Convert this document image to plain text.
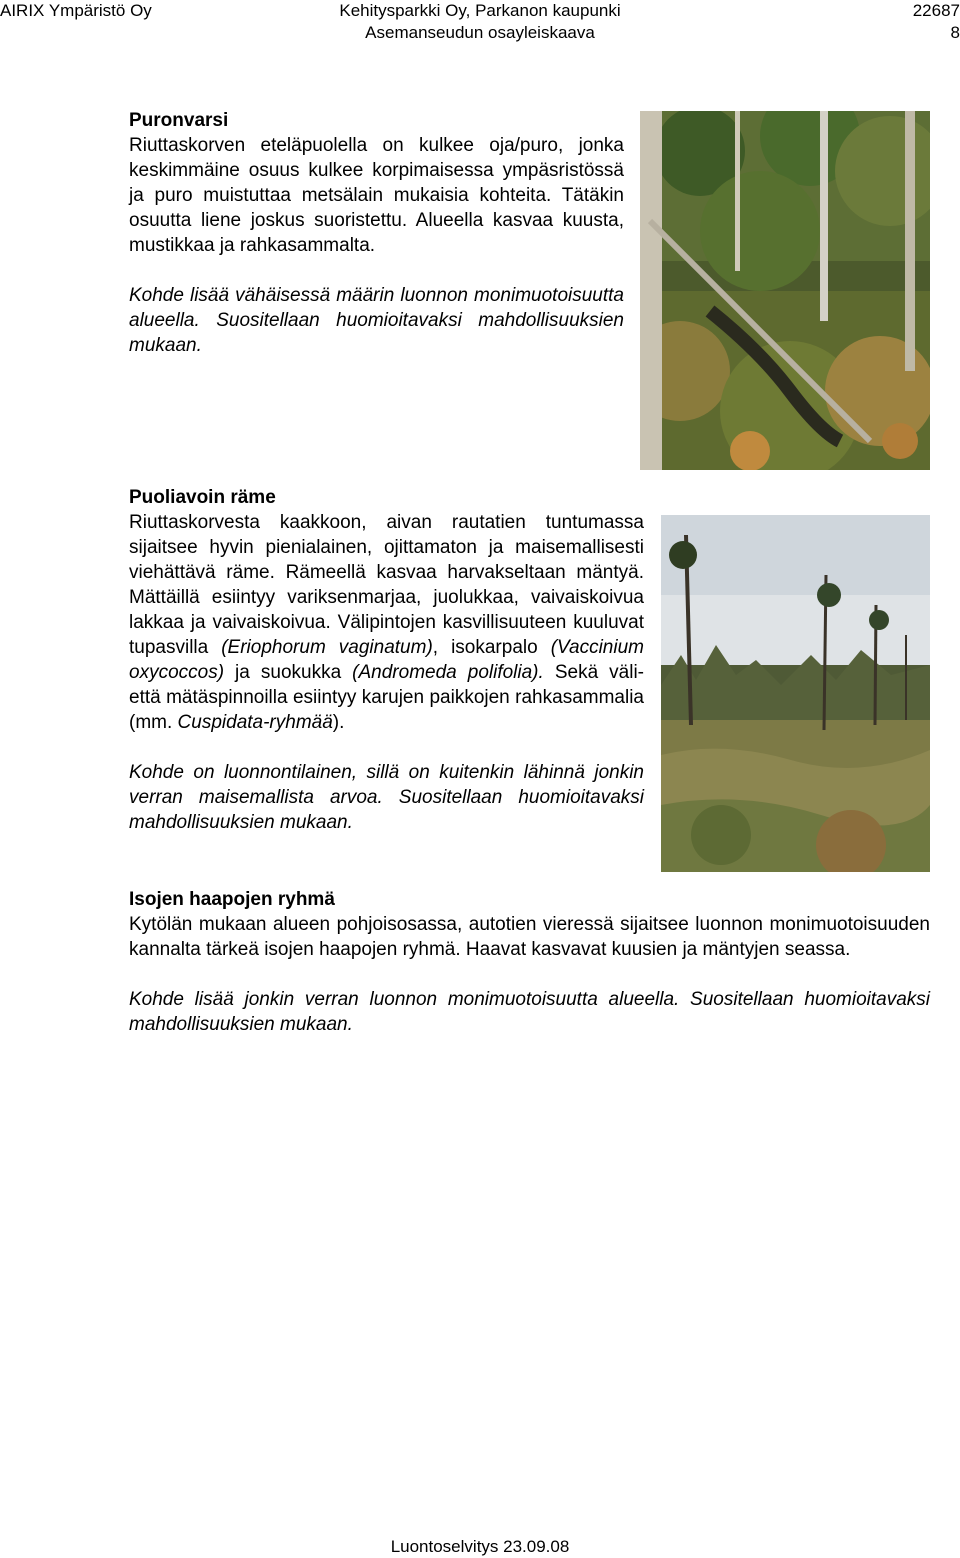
AIRIX Ympäristö Oy	Kehitysparkki Oy, Parkanon kaupunki
Asemanseudun osayleiskaava
22687
8
Puronvarsi

Riuttaskorven eteläpuolella on kulkee oja/puro, jonka keskimmäine osuus kulkee korpimaisessa ympäsristössä ja puro muistuttaa metsälain mukaisia kohteita. Tätäkin osuutta liene joskus suoristettu. Alueella kasvaa kuusta, mustikkaa ja rahkasammalta.

Kohde lisää vähäisessä määrin luonnon monimuotoisuutta alueella. Suositellaan huomioitavaksi mahdollisuuksien mukaan.

Puoliavoin räme

Riuttaskorvesta kaakkoon, aivan rautatien tuntumassa sijaitsee hyvin pienialainen, ojittamaton ja maisemallisesti viehättävä räme. Rämeellä kasvaa harvakseltaan mäntyä. Mättäillä esiintyy variksenmarjaa, juolukkaa, vaivaiskoivua lakkaa ja vaivaiskoivua. Välipintojen kasvillisuuteen kuuluvat tupasvilla (Eriophorum vaginatum), isokarpalo (Vaccinium oxycoccos) ja suokukka (Andromeda polifolia). Sekä väli- että mätäspinnoilla esiintyy karujen paikkojen rahkasammalia (mm. Cuspidata-ryhmää).

Kohde on luonnontilainen, sillä on kuitenkin lähinnä jonkin verran maisemallista arvoa. Suositellaan huomioitavaksi mahdollisuuksien mukaan.

Isojen haapojen ryhmä

Kytölän mukaan alueen pohjoisosassa, autotien vieressä sijaitsee luonnon monimuotoisuuden kannalta tärkeä isojen haapojen ryhmä. Haavat kasvavat kuusien ja mäntyjen seassa.

Kohde lisää jonkin verran luonnon monimuotoisuutta alueella. Suositellaan huomioitavaksi mahdollisuuksien mukaan.

Luontoselvitys 23.09.08
